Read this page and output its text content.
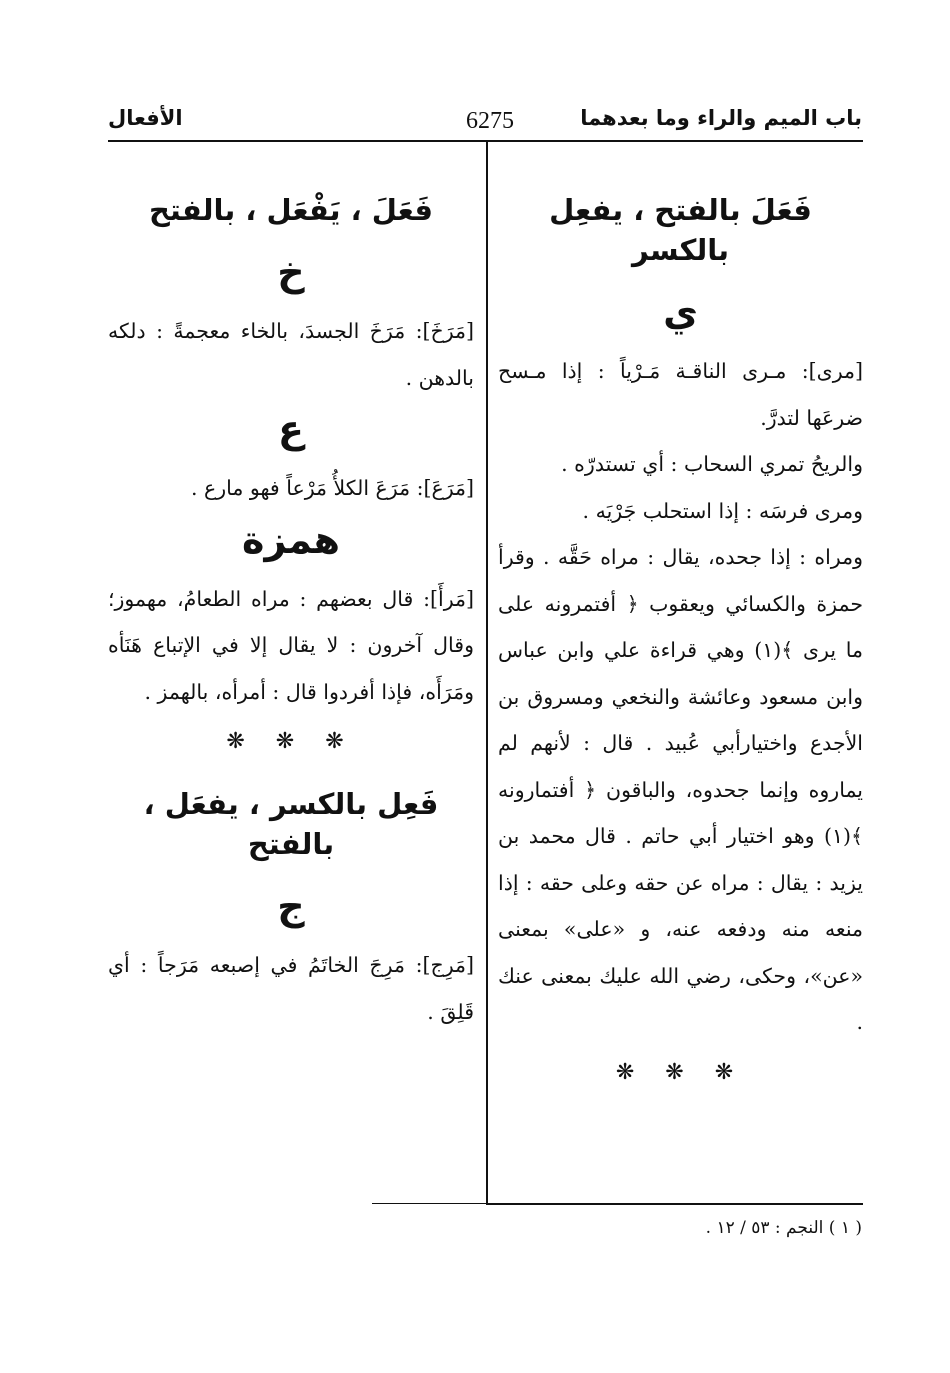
باب الميم والراء وما بعدهما
6275
الأفعال
فَعَلَ بالفتح ، يفعِل بالكسر
ي

[مرى]: مـرى الناقـة مَـرْياً : إذا مـسح ضرعَها لتدرَّ.

والريحُ تمري السحاب : أي تستدرّه .

ومرى فرسَه : إذا استحلب جَرْيَه .

ومراه : إذا جحده، يقال : مراه حَقَّه . وقرأ حمزة والكسائي ويعقوب ﴿ أفتمرونه على ما يرى ﴾(١) وهي قراءة علي وابن عباس وابن مسعود وعائشة والنخعي ومسروق بن الأجدع واختيارأبي عُبيد . قال : لأنهم لم يماروه وإنما جحدوه، والباقون ﴿ أفتمارونه ﴾(١) وهو اختيار أبي حاتم . قال محمد بن يزيد : يقال : مراه عن حقه وعلى حقه : إذا منعه منه ودفعه عنه، و «على» بمعنى «عن»، وحكى، رضي الله عليك بمعنى عنك .

❋ ❋ ❋
فَعَلَ ، يَفْعَل ، بالفتح
خ

[مَرَخَ]: مَرَخَ الجسدَ، بالخاء معجمةً : دلكه بالدهن .

ع

[مَرَعَ]: مَرَعَ الكلأُ مَرْعاً فهو مارع .

همزة

[مَرأَ]: قال بعضهم : مراه الطعامُ، مهموز؛ وقال آخرون : لا يقال إلا في الإتباع هَنَأه ومَرَأَه، فإذا أفردوا قال : أمرأه، بالهمز .

❋ ❋ ❋
فَعِل بالكسر ، يفعَل ، بالفتح
ج

[مَرِج]: مَرِجَ الخاتَمُ في إصبعه مَرَجاً : أي قَلِقَ .

( ١ ) النجم : ٥٣ / ١٢ .
